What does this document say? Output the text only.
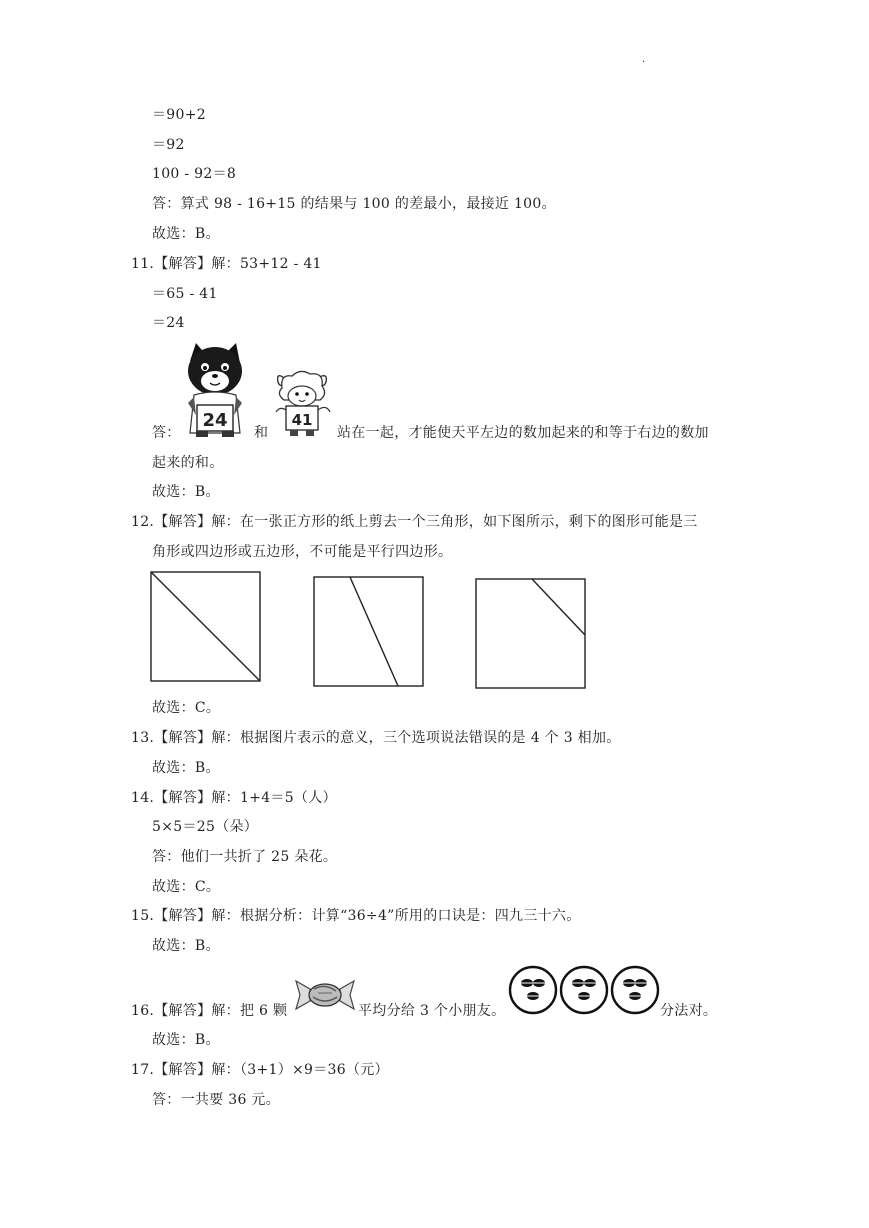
.
＝90+2
＝92
100 - 92＝8
答：算式 98 - 16+15 的结果与 100 的差最小，最接近 100。
故选：B。
11.【解答】解：53+12 - 41
＝65 - 41
＝24
答：
24
和
41
站在一起，才能使天平左边的数加起来的和等于右边的数加
起来的和。
故选：B。
12.【解答】解：在一张正方形的纸上剪去一个三角形，如下图所示，剩下的图形可能是三
角形或四边形或五边形，不可能是平行四边形。
故选：C。
13.【解答】解：根据图片表示的意义，三个选项说法错误的是 4 个 3 相加。
故选：B。
14.【解答】解：1+4＝5（人）
5×5＝25（朵）
答：他们一共折了 25 朵花。
故选：C。
15.【解答】解：根据分析：计算“36÷4”所用的口诀是：四九三十六。
故选：B。
16.【解答】解：把 6 颗	平均分给 3 个小朋友。	分法对。
故选：B。
17.【解答】解：（3+1）×9＝36（元）
答：一共要 36 元。
